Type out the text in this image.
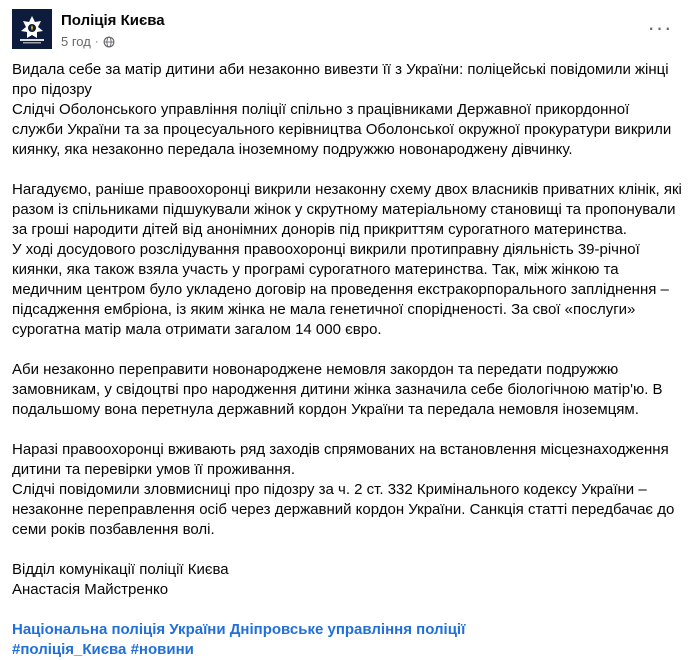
Поліція Києва
5 год ·
···
Видала себе за матір дитини аби незаконно вивезти її з України: поліцейські повідомили жінці
про підозру
Слідчі Оболонського управління поліції спільно з працівниками Державної прикордонної
служби України та за процесуального керівництва Оболонської окружної прокуратури викрили
киянку, яка незаконно передала іноземному подружжю новонароджену дівчинку.
Нагадуємо, раніше правоохоронці викрили незаконну схему двох власників приватних клінік, які
разом із спільниками підшукували жінок у скрутному матеріальному становищі та пропонували
за гроші народити дітей від анонімних донорів під прикриттям сурогатного материнства.
У ході досудового розслідування правоохоронці викрили протиправну діяльність 39-річної
киянки, яка також взяла участь у програмі сурогатного материнства. Так, між жінкою та
медичним центром було укладено договір на проведення екстракорпорального запліднення –
підсадження ембріона, із яким жінка не мала генетичної спорідненості. За свої «послуги»
сурогатна матір мала отримати загалом 14 000 євро.
Аби незаконно переправити новонароджене немовля закордон та передати подружжю
замовникам, у свідоцтві про народження дитини жінка зазначила себе біологічною матір'ю. В
подальшому вона перетнула державний кордон України та передала немовля іноземцям.
Наразі правоохоронці вживають ряд заходів спрямованих на встановлення місцезнаходження
дитини та перевірки умов її проживання.
Слідчі повідомили зловмисниці про підозру за ч. 2 ст. 332 Кримінального кодексу України –
незаконне переправлення осіб через державний кордон України. Санкція статті передбачає до
семи років позбавлення волі.
Відділ комунікації поліції Києва
Анастасія Майстренко
Національна поліція України Дніпровське управління поліції
#поліція_Києва #новини
